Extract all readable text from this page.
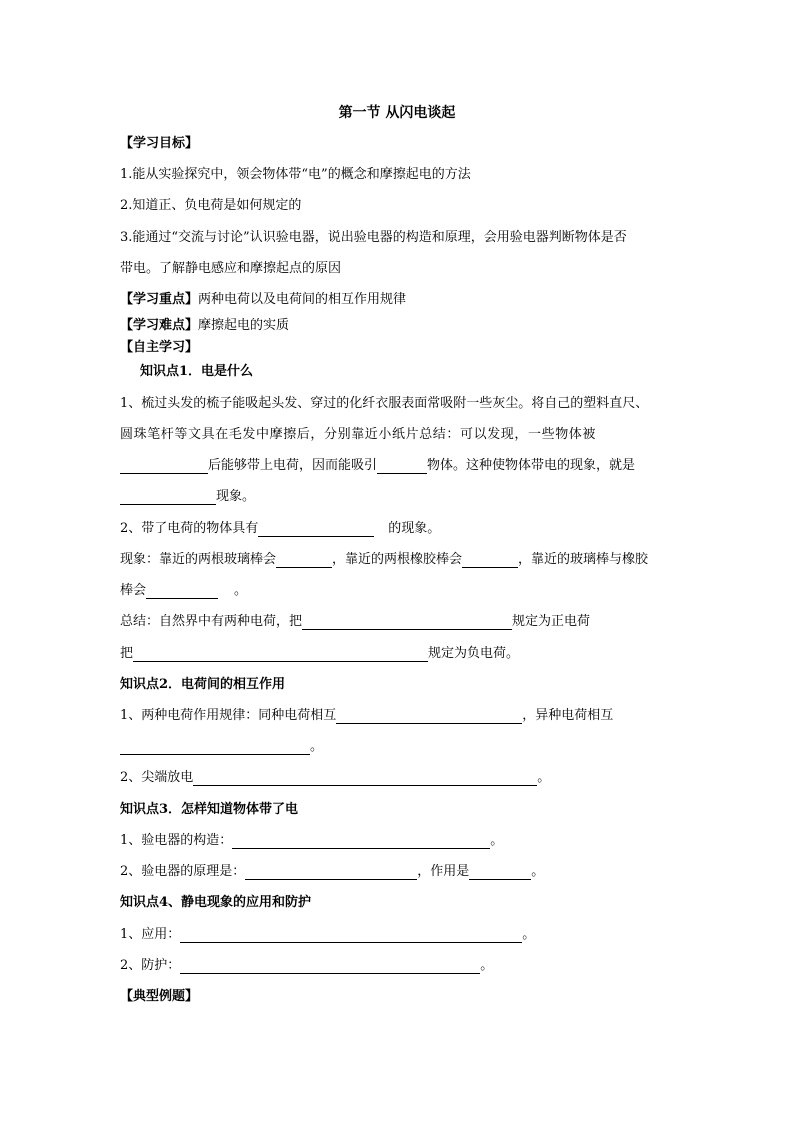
第一节 从闪电谈起
【学习目标】
1.能从实验探究中，领会物体带“电”的概念和摩擦起电的方法
2.知道正、负电荷是如何规定的
3.能通过“交流与讨论”认识验电器，说出验电器的构造和原理，会用验电器判断物体是否
带电。了解静电感应和摩擦起点的原因
【学习重点】两种电荷以及电荷间的相互作用规律
【学习难点】摩擦起电的实质
【自主学习】
知识点1．电是什么
1、梳过头发的梳子能吸起头发、穿过的化纤衣服表面常吸附一些灰尘。将自己的塑料直尺、
圆珠笔杆等文具在毛发中摩擦后，分别靠近小纸片总结：可以发现，一些物体被
后能够带上电荷，因而能吸引	物体。这种使物体带电的现象，就是
现象。
2、带了电荷的物体具有	的现象。
现象：靠近的两根玻璃棒会	，靠近的两根橡胶棒会	，靠近的玻璃棒与橡胶
棒会	。
总结：自然界中有两种电荷，把	规定为正电荷
把	规定为负电荷。
知识点2．电荷间的相互作用
1、两种电荷作用规律：同种电荷相互	，异种电荷相互
。
2、尖端放电	。
知识点3．怎样知道物体带了电
1、验电器的构造：	。
2、验电器的原理是：	，作用是	。
知识点4、静电现象的应用和防护
1、应用：	。
2、防护：	。
【典型例题】
